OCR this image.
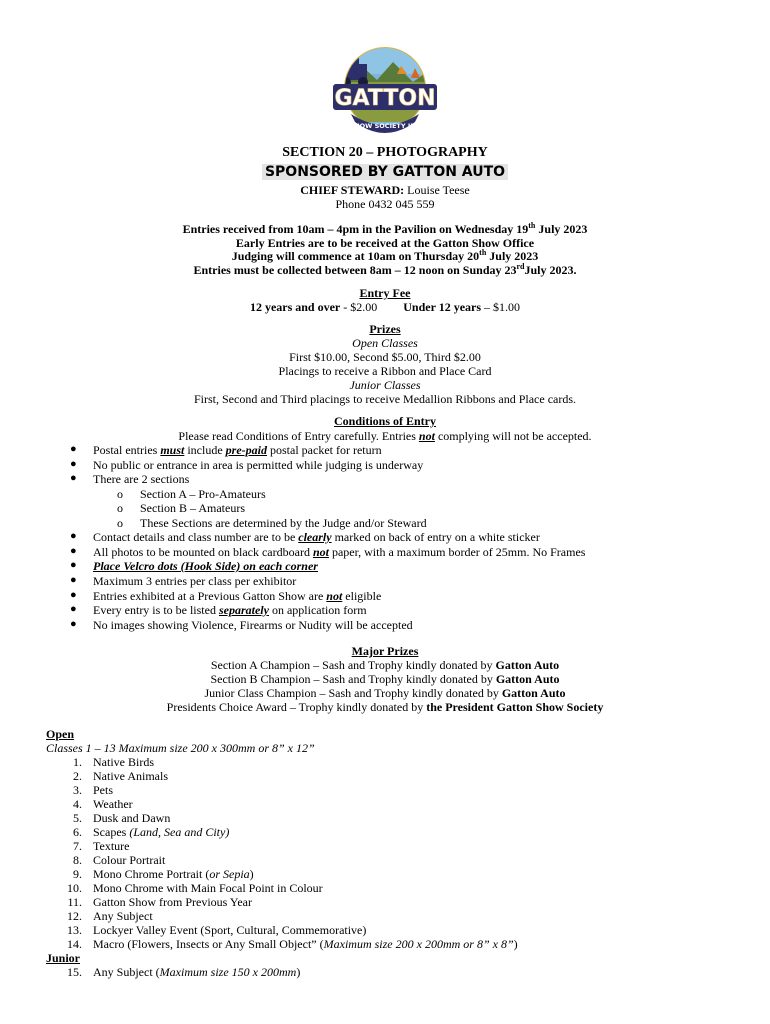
GATTON
SHOW SOCIETY INC
SECTION 20 – PHOTOGRAPHY
SPONSORED BY GATTON AUTO
CHIEF STEWARD: Louise Teese
Phone 0432 045 559
Entries received from 10am – 4pm in the Pavilion on Wednesday 19th July 2023
Early Entries are to be received at the Gatton Show Office
Judging will commence at 10am on Thursday 20th July 2023
Entries must be collected between 8am – 12 noon on Sunday 23rdJuly 2023.
Entry Fee
12 years and over - $2.00 Under 12 years – $1.00
Prizes
Open Classes
First $10.00, Second $5.00, Third $2.00
Placings to receive a Ribbon and Place Card
Junior Classes
First, Second and Third placings to receive Medallion Ribbons and Place cards.
Conditions of Entry
Please read Conditions of Entry carefully. Entries not complying will not be accepted.
● Postal entries must include pre-paid postal packet for return
● No public or entrance in area is permitted while judging is underway
● There are 2 sections
o Section A – Pro-Amateurs
o Section B – Amateurs
o These Sections are determined by the Judge and/or Steward
● Contact details and class number are to be clearly marked on back of entry on a white sticker
● All photos to be mounted on black cardboard not paper, with a maximum border of 25mm. No Frames
● Place Velcro dots (Hook Side) on each corner
● Maximum 3 entries per class per exhibitor
● Entries exhibited at a Previous Gatton Show are not eligible
● Every entry is to be listed separately on application form
● No images showing Violence, Firearms or Nudity will be accepted
Major Prizes
Section A Champion – Sash and Trophy kindly donated by Gatton Auto
Section B Champion – Sash and Trophy kindly donated by Gatton Auto
Junior Class Champion – Sash and Trophy kindly donated by Gatton Auto
Presidents Choice Award – Trophy kindly donated by the President Gatton Show Society
Open
Classes 1 – 13 Maximum size 200 x 300mm or 8” x 12”
1. Native Birds
2. Native Animals
3. Pets
4. Weather
5. Dusk and Dawn
6. Scapes (Land, Sea and City)
7. Texture
8. Colour Portrait
9. Mono Chrome Portrait (or Sepia)
10. Mono Chrome with Main Focal Point in Colour
11. Gatton Show from Previous Year
12. Any Subject
13. Lockyer Valley Event (Sport, Cultural, Commemorative)
14. Macro (Flowers, Insects or Any Small Object” (Maximum size 200 x 200mm or 8” x 8”)
Junior
15. Any Subject (Maximum size 150 x 200mm)
